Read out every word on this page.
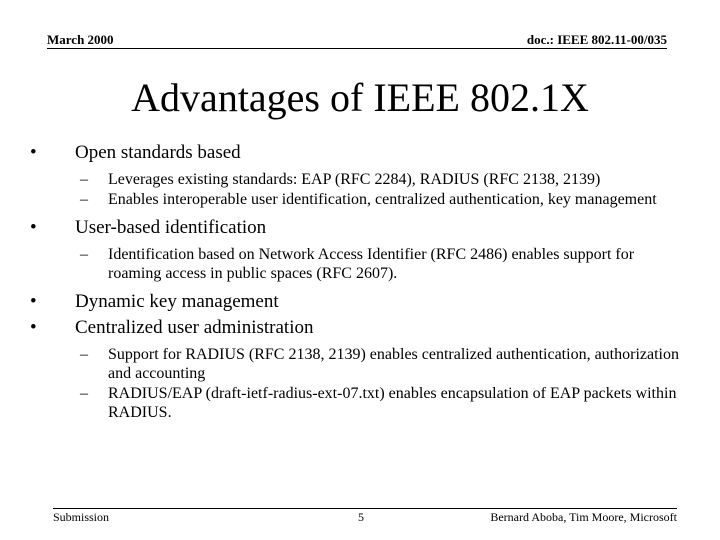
March 2000	doc.: IEEE 802.11-00/035
Advantages of IEEE 802.1X
•	Open standards based
– Leverages existing standards: EAP (RFC 2284), RADIUS (RFC 2138, 2139)
– Enables interoperable user identification, centralized authentication, key management
•	User-based identification
– Identification based on Network Access Identifier (RFC 2486) enables support for roaming access in public spaces (RFC 2607).
•	Dynamic key management
•	Centralized user administration
– Support for RADIUS (RFC 2138, 2139) enables centralized authentication, authorization and accounting
– RADIUS/EAP (draft-ietf-radius-ext-07.txt) enables encapsulation of EAP packets within RADIUS.
Submission	5	Bernard Aboba, Tim Moore, Microsoft
